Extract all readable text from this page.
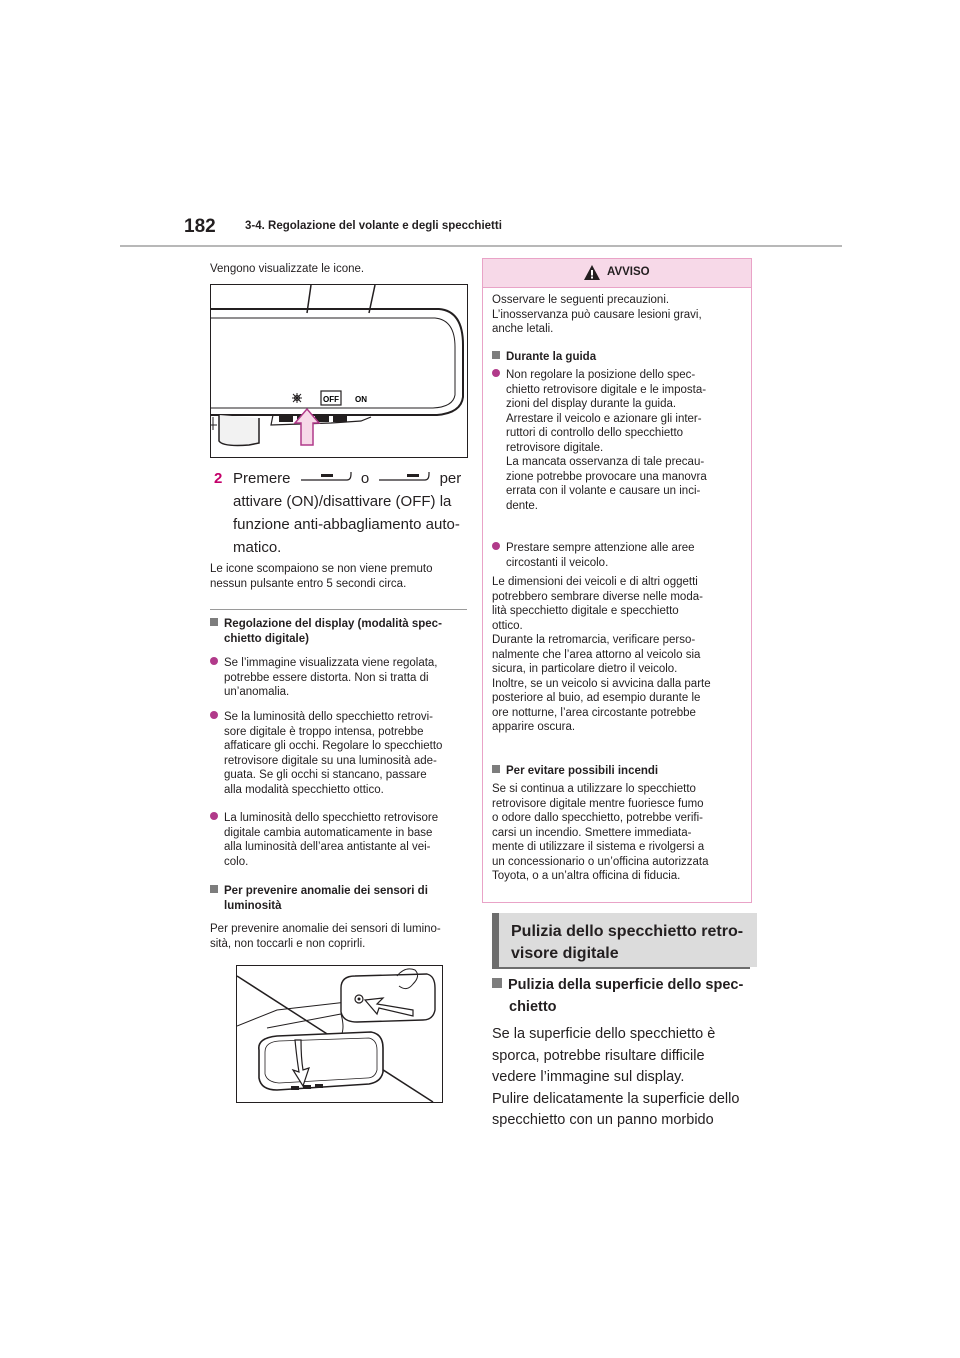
182	3-4. Regolazione del volante e degli specchietti
Vengono visualizzate le icone.
OFF ON
2 Premere	o	per
attivare (ON)/disattivare (OFF) la
funzione anti-abbagliamento auto-
matico.
Le icone scompaiono se non viene premuto
nessun pulsante entro 5 secondi circa.
Regolazione del display (modalità spec-
chietto digitale)
Se l’immagine visualizzata viene regolata,
potrebbe essere distorta. Non si tratta di
un’anomalia.
Se la luminosità dello specchietto retrovi-
sore digitale è troppo intensa, potrebbe
affaticare gli occhi. Regolare lo specchietto
retrovisore digitale su una luminosità ade-
guata. Se gli occhi si stancano, passare
alla modalità specchietto ottico.
La luminosità dello specchietto retrovisore
digitale cambia automaticamente in base
alla luminosità dell’area antistante al vei-
colo.
Per prevenire anomalie dei sensori di
luminosità
Per prevenire anomalie dei sensori di lumino-
sità, non toccarli e non coprirli.
AVVISO
Osservare le seguenti precauzioni.
L’inosservanza può causare lesioni gravi,
anche letali.
Durante la guida
Non regolare la posizione dello spec-
chietto retrovisore digitale e le imposta-
zioni del display durante la guida.
Arrestare il veicolo e azionare gli inter-
ruttori di controllo dello specchietto
retrovisore digitale.
La mancata osservanza di tale precau-
zione potrebbe provocare una manovra
errata con il volante e causare un inci-
dente.
Prestare sempre attenzione alle aree
circostanti il veicolo.
Le dimensioni dei veicoli e di altri oggetti
potrebbero sembrare diverse nelle moda-
lità specchietto digitale e specchietto
ottico.
Durante la retromarcia, verificare perso-
nalmente che l’area attorno al veicolo sia
sicura, in particolare dietro il veicolo.
Inoltre, se un veicolo si avvicina dalla parte
posteriore al buio, ad esempio durante le
ore notturne, l’area circostante potrebbe
apparire oscura.
Per evitare possibili incendi
Se si continua a utilizzare lo specchietto
retrovisore digitale mentre fuoriesce fumo
o odore dallo specchietto, potrebbe verifi-
carsi un incendio. Smettere immediata-
mente di utilizzare il sistema e rivolgersi a
un concessionario o un’officina autorizzata
Toyota, o a un’altra officina di fiducia.
Pulizia dello specchietto retro-
visore digitale
Pulizia della superficie dello spec-
chietto
Se la superficie dello specchietto è
sporca, potrebbe risultare difficile
vedere l’immagine sul display.
Pulire delicatamente la superficie dello
specchietto con un panno morbido
